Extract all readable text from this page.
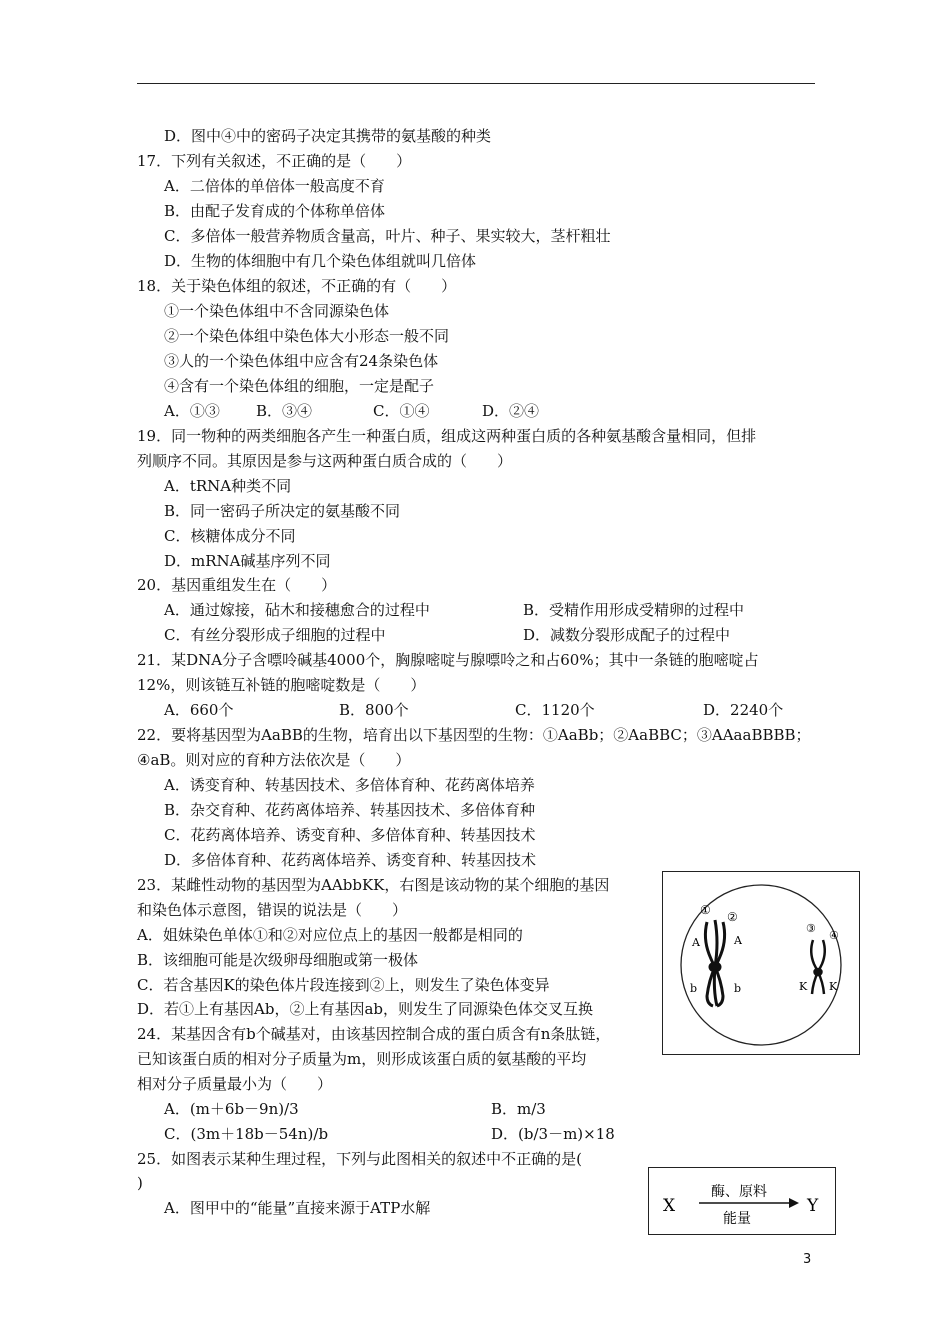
D．图中④中的密码子决定其携带的氨基酸的种类
17．下列有关叙述，不正确的是（　　）
A．二倍体的单倍体一般高度不育
B．由配子发育成的个体称单倍体
C．多倍体一般营养物质含量高，叶片、种子、果实较大，茎杆粗壮
D．生物的体细胞中有几个染色体组就叫几倍体
18．关于染色体组的叙述，不正确的有（　　）
①一个染色体组中不含同源染色体
②一个染色体组中染色体大小形态一般不同
③人的一个染色体组中应含有24条染色体
④含有一个染色体组的细胞，一定是配子
A．①③ B．③④	C．①④	D．②④
19．同一物种的两类细胞各产生一种蛋白质，组成这两种蛋白质的各种氨基酸含量相同，但排
列顺序不同。其原因是参与这两种蛋白质合成的（　　）
A．tRNA种类不同
B．同一密码子所决定的氨基酸不同
C．核糖体成分不同
D．mRNA碱基序列不同
20．基因重组发生在（　　）
A．通过嫁接，砧木和接穗愈合的过程中	B．受精作用形成受精卵的过程中
C．有丝分裂形成子细胞的过程中	D．减数分裂形成配子的过程中
21．某DNA分子含嘌呤碱基4000个，胸腺嘧啶与腺嘌呤之和占60%；其中一条链的胞嘧啶占
12%，则该链互补链的胞嘧啶数是（　　）
A．660个	B．800个	C．1120个	D．2240个
22．要将基因型为AaBB的生物，培育出以下基因型的生物：①AaBb；②AaBBC；③AAaaBBBB；
④aB。则对应的育种方法依次是（　　）
A．诱变育种、转基因技术、多倍体育种、花药离体培养
B．杂交育种、花药离体培养、转基因技术、多倍体育种
C．花药离体培养、诱变育种、多倍体育种、转基因技术
D．多倍体育种、花药离体培养、诱变育种、转基因技术
23．某雌性动物的基因型为AAbbKK，右图是该动物的某个细胞的基因
和染色体示意图，错误的说法是（　　）
A．姐妹染色单体①和②对应位点上的基因一般都是相同的
B．该细胞可能是次级卵母细胞或第一极体
C．若含基因K的染色体片段连接到②上，则发生了染色体变异
D．若①上有基因Ab，②上有基因ab，则发生了同源染色体交叉互换
24．某基因含有b个碱基对，由该基因控制合成的蛋白质含有n条肽链，
已知该蛋白质的相对分子质量为m，则形成该蛋白质的氨基酸的平均
相对分子质量最小为（　　）
A．(m＋6b－9n)/3	B．m/3
C．(3m＋18b－54n)/b	D．(b/3－m)×18
25．如图表示某种生理过程，下列与此图相关的叙述中不正确的是(
)
A．图甲中的“能量”直接来源于ATP水解
① ②
③
④
A	A
b	b	K K
X
酶、原料
能量
Y
3
